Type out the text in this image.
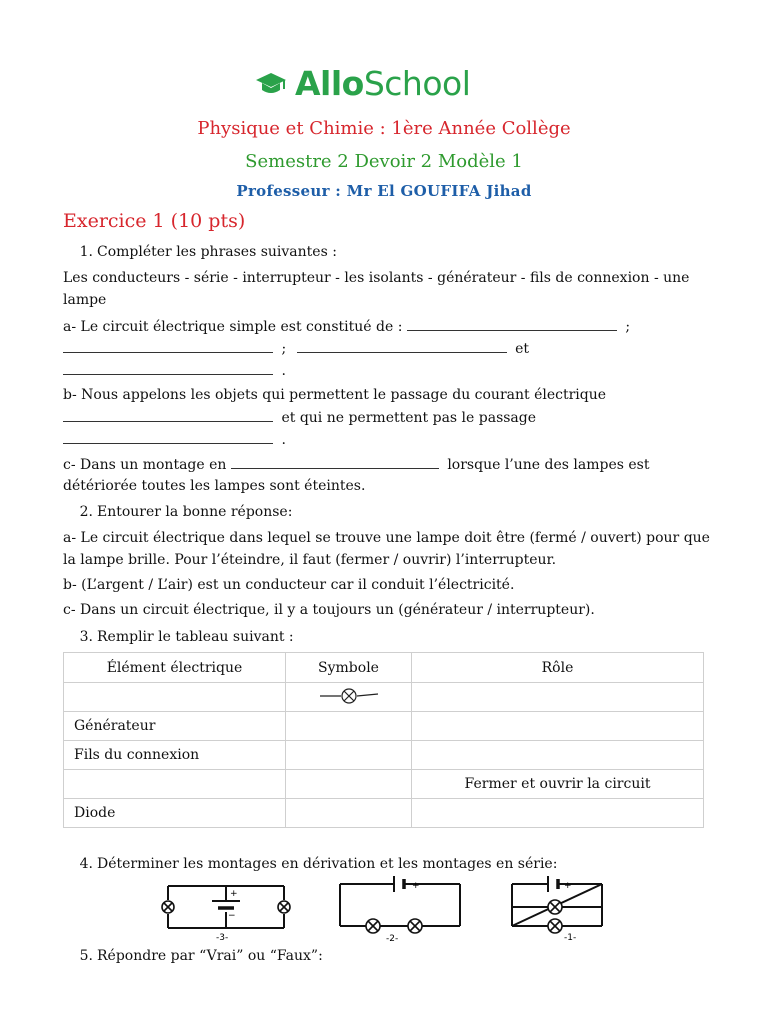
AlloSchool
Physique et Chimie : 1ère Année Collège
Semestre 2 Devoir 2 Modèle 1
Professeur : Mr El GOUFIFA Jihad
Exercice 1 (10 pts)
1. Compléter les phrases suivantes :
Les conducteurs - série - interrupteur - les isolants - générateur - fils de connexion - une
lampe
a- Le circuit électrique simple est constitué de :	;
;	et
.
b- Nous appelons les objets qui permettent le passage du courant électrique
et qui ne permettent pas le passage
.
c- Dans un montage en	lorsque l’une des lampes est
détériorée toutes les lampes sont éteintes.
2. Entourer la bonne réponse:
a- Le circuit électrique dans lequel se trouve une lampe doit être (fermé / ouvert) pour que
la lampe brille. Pour l’éteindre, il faut (fermer / ouvrir) l’interrupteur.
b- (L’argent / L’air) est un conducteur car il conduit l’électricité.
c- Dans un circuit électrique, il y a toujours un (générateur / interrupteur).
3. Remplir le tableau suivant :
Élément électrique	Symbole	Rôle

Générateur		
Fils du connexion		
		Fermer et ouvrir la circuit
Diode		
4. Déterminer les montages en dérivation et les montages en série:
+
−
-3-
+
-2-
+
-1-
5. Répondre par “Vrai” ou “Faux”:
